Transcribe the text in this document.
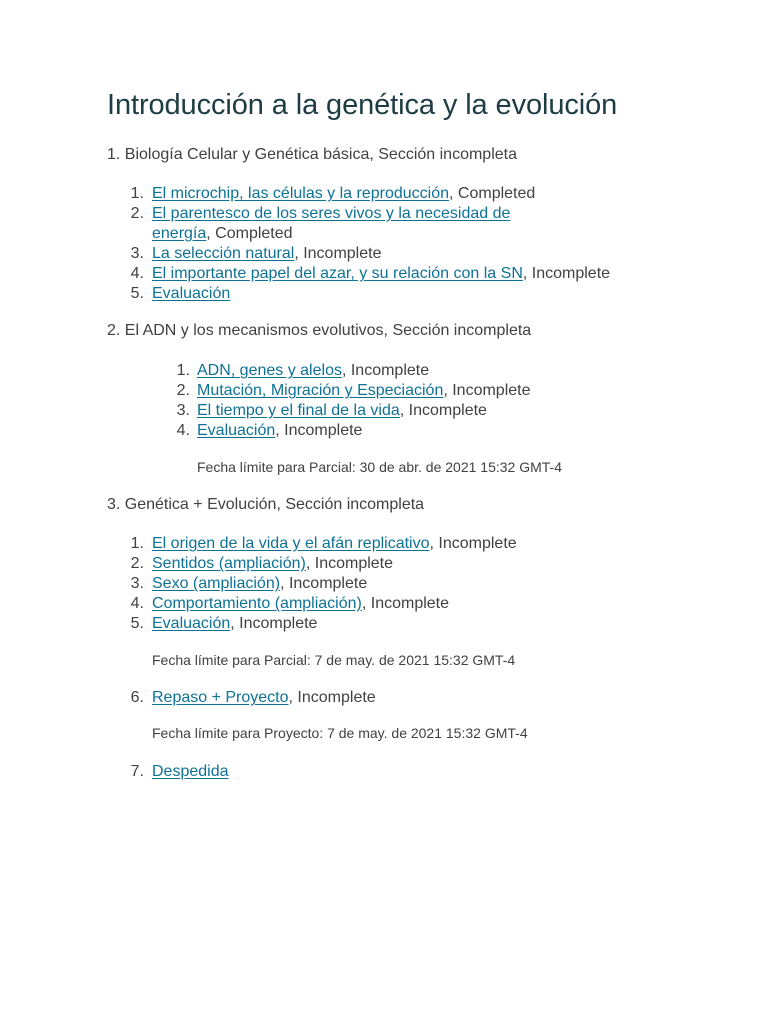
Introducción a la genética y la evolución
1. Biología Celular y Genética básica, Sección incompleta
1. El microchip, las células y la reproducción, Completed
2. El parentesco de los seres vivos y la necesidad de
energía, Completed
3. La selección natural, Incomplete
4. El importante papel del azar, y su relación con la SN, Incomplete
5. Evaluación
2. El ADN y los mecanismos evolutivos, Sección incompleta
1. ADN, genes y alelos, Incomplete
2. Mutación, Migración y Especiación, Incomplete
3. El tiempo y el final de la vida, Incomplete
4. Evaluación, Incomplete
Fecha límite para Parcial: 30 de abr. de 2021 15:32 GMT-4
3. Genética + Evolución, Sección incompleta
1. El origen de la vida y el afán replicativo, Incomplete
2. Sentidos (ampliación), Incomplete
3. Sexo (ampliación), Incomplete
4. Comportamiento (ampliación), Incomplete
5. Evaluación, Incomplete
Fecha límite para Parcial: 7 de may. de 2021 15:32 GMT-4
6. Repaso + Proyecto, Incomplete
Fecha límite para Proyecto: 7 de may. de 2021 15:32 GMT-4
7. Despedida
